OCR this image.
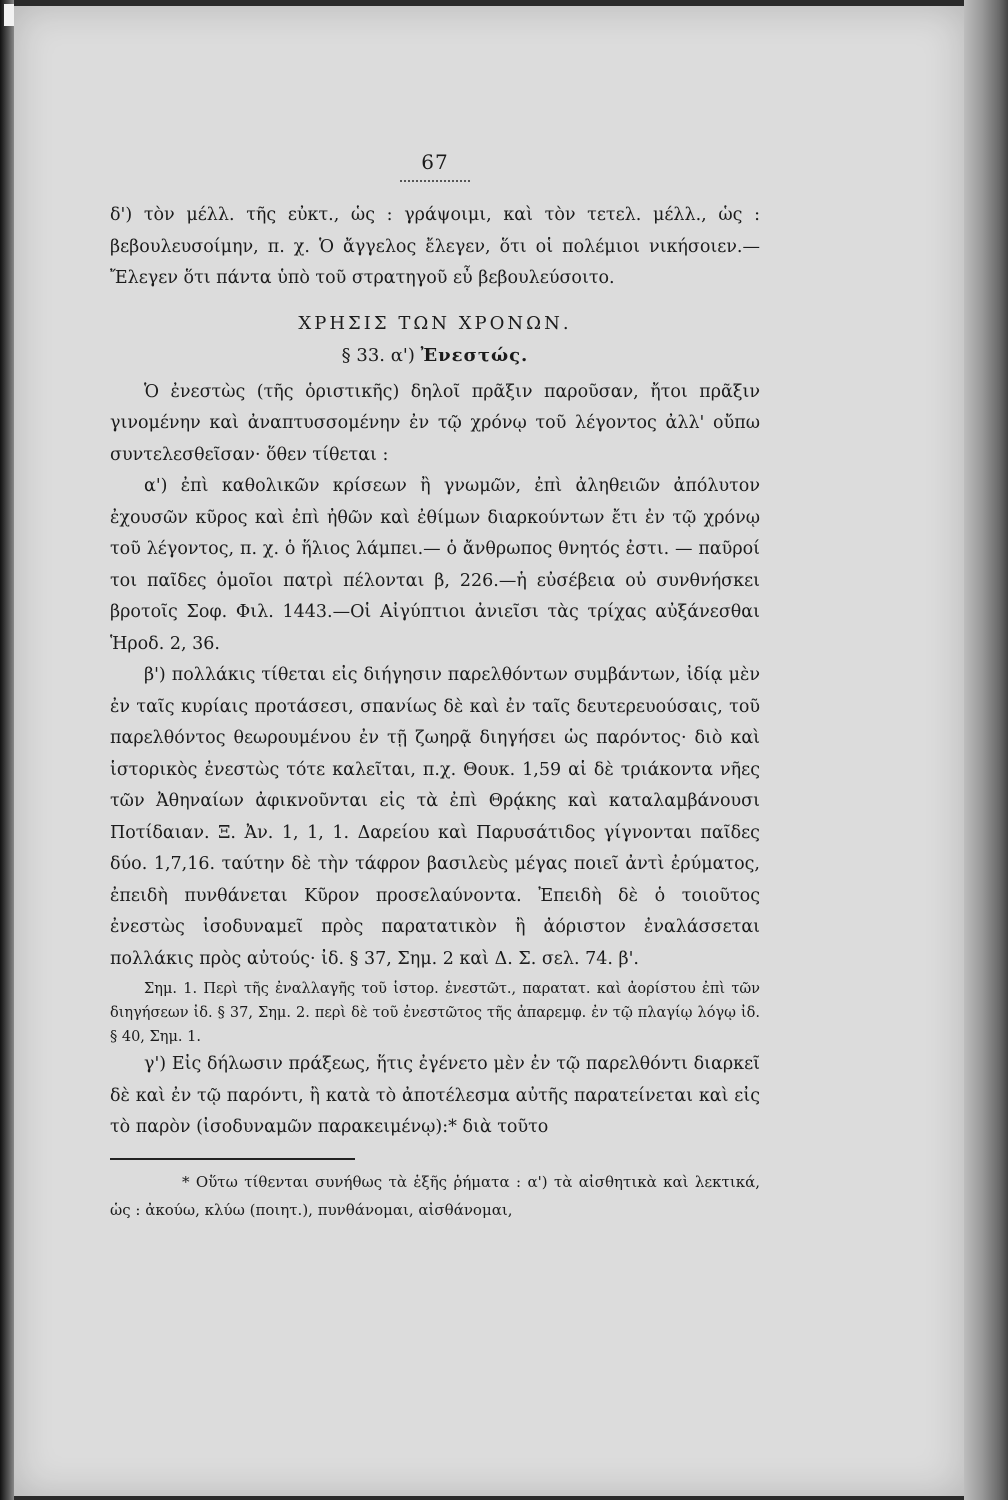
67

δ') τὸν μέλλ. τῆς εὐκτ., ὡς : γράψοιμι, καὶ τὸν τετελ. μέλλ., ὡς : βεβουλευσοίμην, π. χ. Ὁ ἄγγελος ἔλεγεν, ὅτι οἱ πολέμιοι νικήσοιεν.—Ἔλεγεν ὅτι πάντα ὑπὸ τοῦ στρατηγοῦ εὖ βεβουλεύσοιτο.

ΧΡΗΣΙΣ ΤΩΝ ΧΡΟΝΩΝ.
§ 33. α') Ἐνεστώς.

Ὁ ἐνεστὼς (τῆς ὁριστικῆς) δηλοῖ πρᾶξιν παροῦσαν, ἤτοι πρᾶξιν γινομένην καὶ ἀναπτυσσομένην ἐν τῷ χρόνῳ τοῦ λέγοντος ἀλλ' οὔπω συντελεσθεῖσαν· ὅθεν τίθεται :

α') ἐπὶ καθολικῶν κρίσεων ἢ γνωμῶν, ἐπὶ ἀληθειῶν ἀπόλυτον ἐχουσῶν κῦρος καὶ ἐπὶ ἠθῶν καὶ ἐθίμων διαρκούντων ἔτι ἐν τῷ χρόνῳ τοῦ λέγοντος, π. χ. ὁ ἥλιος λάμπει.— ὁ ἄνθρωπος θνητός ἐστι. — παῦροί τοι παῖδες ὁμοῖοι πατρὶ πέλονται β, 226.—ἡ εὐσέβεια οὐ συνθνήσκει βροτοῖς Σοφ. Φιλ. 1443.—Οἱ Αἰγύπτιοι ἀνιεῖσι τὰς τρίχας αὐξάνεσθαι Ἡροδ. 2, 36.

β') πολλάκις τίθεται εἰς διήγησιν παρελθόντων συμβάντων, ἰδίᾳ μὲν ἐν ταῖς κυρίαις προτάσεσι, σπανίως δὲ καὶ ἐν ταῖς δευτερευούσαις, τοῦ παρελθόντος θεωρουμένου ἐν τῇ ζωηρᾷ διηγήσει ὡς παρόντος· διὸ καὶ ἱστορικὸς ἐνεστὼς τότε καλεῖται, π.χ. Θουκ. 1,59 αἱ δὲ τριάκοντα νῆες τῶν Ἀθηναίων ἀφικνοῦνται εἰς τὰ ἐπὶ Θρᾴκης καὶ καταλαμβάνουσι Ποτίδαιαν. Ξ. Ἀν. 1, 1, 1. Δαρείου καὶ Παρυσάτιδος γίγνονται παῖδες δύο. 1,7,16. ταύτην δὲ τὴν τάφρον βασιλεὺς μέγας ποιεῖ ἀντὶ ἐρύματος, ἐπειδὴ πυνθάνεται Κῦρον προσελαύνοντα. Ἐπειδὴ δὲ ὁ τοιοῦτος ἐνεστὼς ἰσοδυναμεῖ πρὸς παρατατικὸν ἢ ἀόριστον ἐναλάσσεται πολλάκις πρὸς αὐτούς· ἰδ. § 37, Σημ. 2 καὶ Δ. Σ. σελ. 74. β'.

Σημ. 1. Περὶ τῆς ἐναλλαγῆς τοῦ ἱστορ. ἐνεστῶτ., παρατατ. καὶ ἀορίστου ἐπὶ τῶν διηγήσεων ἰδ. § 37, Σημ. 2. περὶ δὲ τοῦ ἐνεστῶτος τῆς ἀπαρεμφ. ἐν τῷ πλαγίῳ λόγῳ ἰδ. § 40, Σημ. 1.

γ') Εἰς δήλωσιν πράξεως, ἥτις ἐγένετο μὲν ἐν τῷ παρελθόντι διαρκεῖ δὲ καὶ ἐν τῷ παρόντι, ἢ κατὰ τὸ ἀποτέλεσμα αὐτῆς παρατείνεται καὶ εἰς τὸ παρὸν (ἰσοδυναμῶν παρακειμένῳ):* διὰ τοῦτο

* Οὕτω τίθενται συνήθως τὰ ἑξῆς ῥήματα : α') τὰ αἰσθητικὰ καὶ λεκτικά, ὡς : ἀκούω, κλύω (ποιητ.), πυνθάνομαι, αἰσθάνομαι,
